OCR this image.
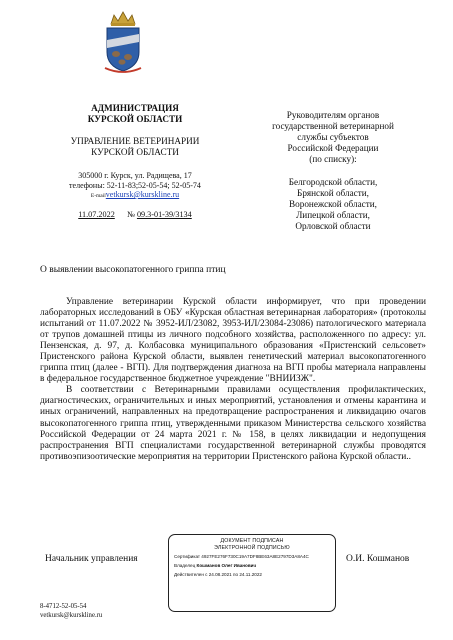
АДМИНИСТРАЦИЯ
КУРСКОЙ ОБЛАСТИ
УПРАВЛЕНИЕ ВЕТЕРИНАРИИ
КУРСКОЙ ОБЛАСТИ
305000 г. Курск, ул. Радищева, 17
телефоны: 52-11-83;52-05-54; 52-05-74
E-mailvetkursk@kurskline.ru
11.07.2022 № 09.3-01-39/3134
Руководителям органов
государственной ветеринарной
службы субъектов
Российской Федерации
(по списку):
Белгородской области,
Брянской области,
Воронежской области,
Липецкой области,
Орловской области
О выявлении высокопатогенного гриппа птиц

Управление ветеринарии Курской области информирует, что при проведении лабораторных исследований в ОБУ «Курская областная ветеринарная лаборатория» (протоколы испытаний от 11.07.2022 № 3952-ИЛ/23082, 3953-ИЛ/23084-23086) патологического материала от трупов домашней птицы из личного подсобного хозяйства, расположенного по адресу: ул. Пензенская, д. 97, д. Колбасовка муниципального образования «Пристенский сельсовет» Пристенского района Курской области, выявлен генетический материал высокопатогенного гриппа птиц (далее - ВГП). Для подтверждения диагноза на ВГП пробы материала направлены в федеральное государственное бюджетное учреждение "ВНИИЗЖ".

В соответствии с Ветеринарными правилами осуществления профилактических, диагностических, ограничительных и иных мероприятий, установления и отмены карантина и иных ограничений, направленных на предотвращение распространения и ликвидацию очагов высокопатогенного гриппа птиц, утвержденными приказом Министерства сельского хозяйства Российской Федерации от 24 марта 2021 г. № 158, в целях ликвидации и недопущения распространения ВГП специалистами государственной ветеринарной службы проводятся противоэпизоотические мероприятия на территории Пристенского района Курской области..

Начальник управления
ДОКУМЕНТ ПОДПИСАН
ЭЛЕКТРОННОЙ ПОДПИСЬЮ
Сертификат 4927FE276F730C19A7DF8BE63A8E2797D3A8A4C
Владелец Кошманов Олег Иванович
Действителен с 24.08.2021 по 24.11.2022
О.И. Кошманов
8-4712-52-05-54
vetkursk@kurskline.ru
